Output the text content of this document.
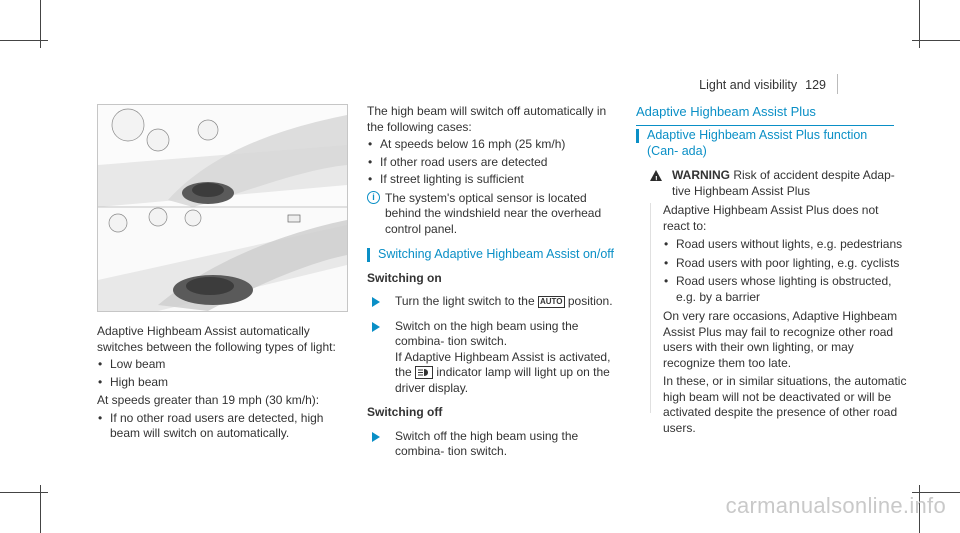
Light and visibility 129

Adaptive Highbeam Assist automatically switches between the following types of light:

• Low beam

• High beam

At speeds greater than 19 mph (30 km/h):

• If no other road users are detected, high beam will switch on automatically.

The high beam will switch off automatically in the following cases:

• At speeds below 16 mph (25 km/h)

• If other road users are detected

• If street lighting is sufficient

i The system's optical sensor is located behind the windshield near the overhead control panel.

Switching Adaptive Highbeam Assist on/off

Switching on

Turn the light switch to the AUTO position.

Switch on the high beam using the combina- tion switch.

If Adaptive Highbeam Assist is activated,

the indicator lamp will light up on the driver display.

Switching off

Switch off the high beam using the combina- tion switch.

Adaptive Highbeam Assist Plus
Adaptive Highbeam Assist Plus function (Can- ada)
! WARNING Risk of accident despite Adap- tive Highbeam Assist Plus

Adaptive Highbeam Assist Plus does not react to:

• Road users without lights, e.g. pedestrians

• Road users with poor lighting, e.g. cyclists

• Road users whose lighting is obstructed, e.g. by a barrier

On very rare occasions, Adaptive Highbeam Assist Plus may fail to recognize other road users with their own lighting, or may recognize them too late.

In these, or in similar situations, the automatic high beam will not be deactivated or will be activated despite the presence of other road users.

carmanualsonline.info
